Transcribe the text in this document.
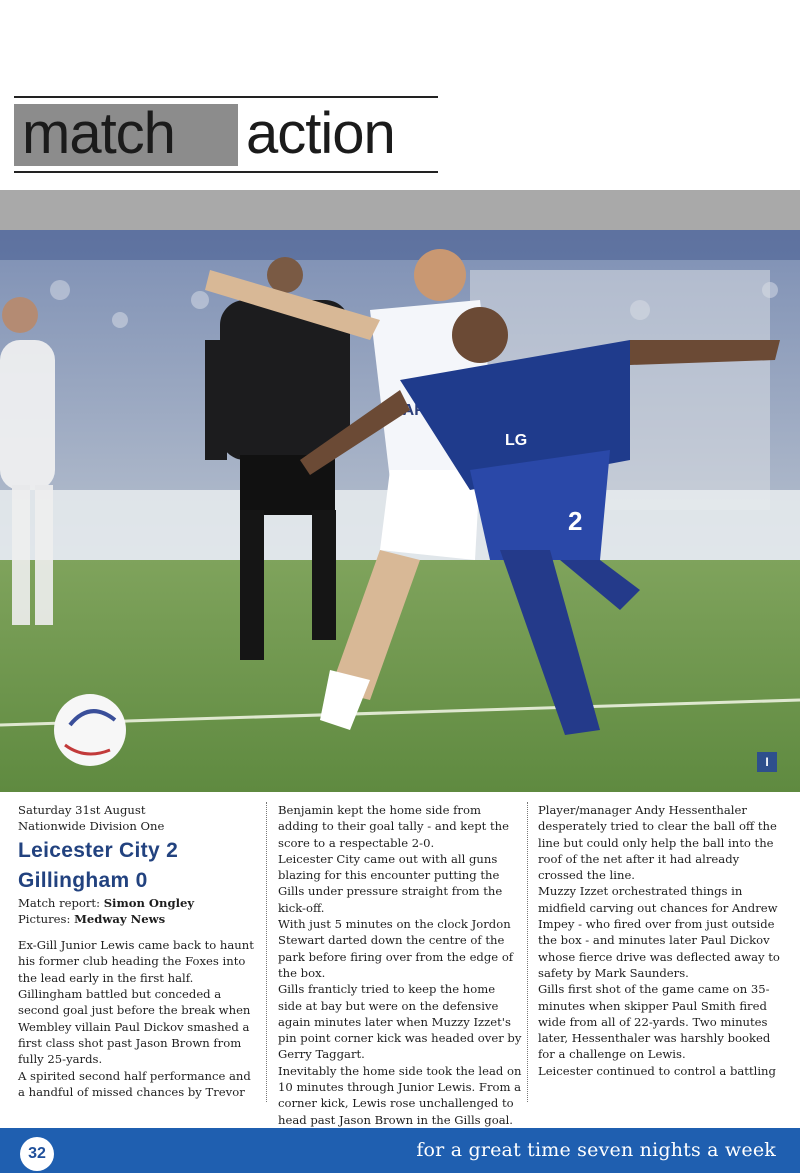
match action
LG
2
I

Saturday 31st August

Nationwide Division One

Leicester City 2
Gillingham 0

Match report: Simon Ongley

Pictures: Medway News

Ex-Gill Junior Lewis came back to haunt his former club heading the Foxes into the lead early in the first half.

Gillingham battled but conceded a second goal just before the break when Wembley villain Paul Dickov smashed a first class shot past Jason Brown from fully 25-yards.

A spirited second half performance and a handful of missed chances by Trevor

Benjamin kept the home side from adding to their goal tally - and kept the score to a respectable 2-0.

Leicester City came out with all guns blazing for this encounter putting the Gills under pressure straight from the kick-off.

With just 5 minutes on the clock Jordon Stewart darted down the centre of the park before firing over from the edge of the box.

Gills franticly tried to keep the home side at bay but were on the defensive again minutes later when Muzzy Izzet's pin point corner kick was headed over by Gerry Taggart.

Inevitably the home side took the lead on 10 minutes through Junior Lewis. From a corner kick, Lewis rose unchallenged to head past Jason Brown in the Gills goal.

Player/manager Andy Hessenthaler desperately tried to clear the ball off the line but could only help the ball into the roof of the net after it had already crossed the line.

Muzzy Izzet orchestrated things in midfield carving out chances for Andrew Impey - who fired over from just outside the box - and minutes later Paul Dickov whose fierce drive was deflected away to safety by Mark Saunders.

Gills first shot of the game came on 35-minutes when skipper Paul Smith fired wide from all of 22-yards. Two minutes later, Hessenthaler was harshly booked for a challenge on Lewis.

Leicester continued to control a battling

32	for a great time seven nights a week
